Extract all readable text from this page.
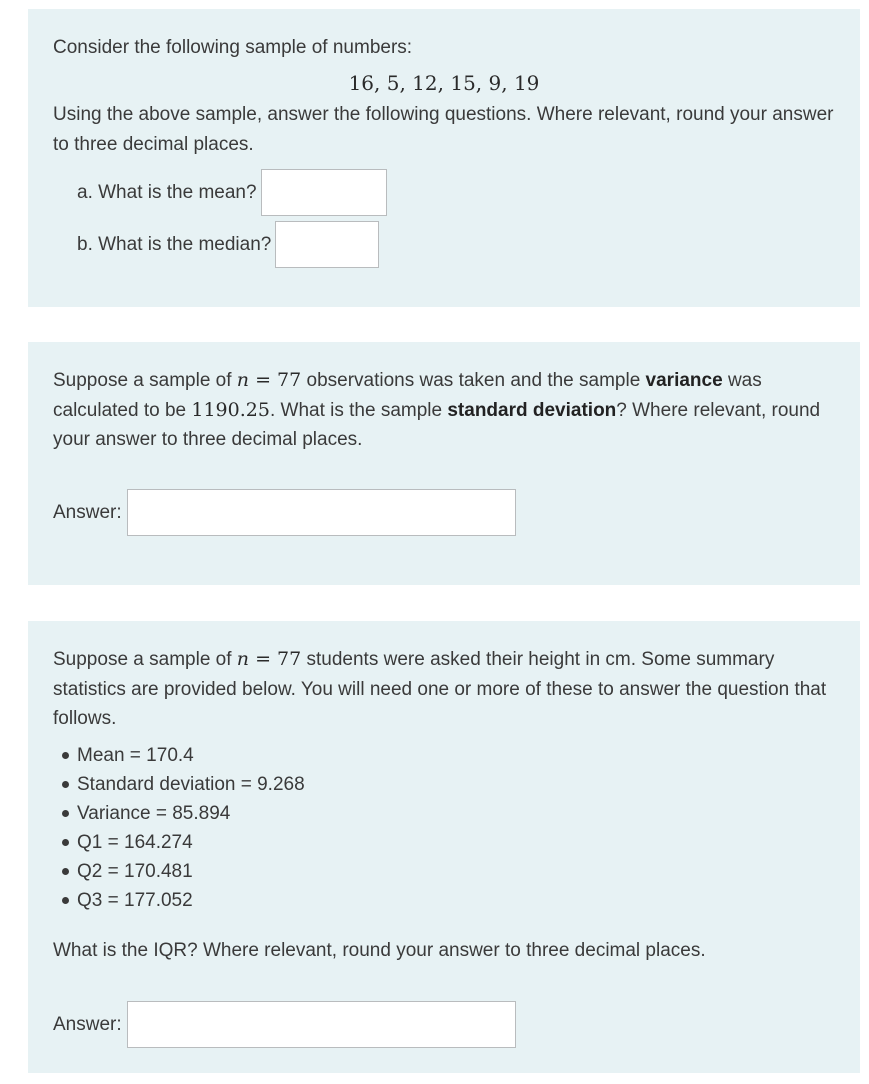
Consider the following sample of numbers:

16, 5, 12, 15, 9, 19

Using the above sample, answer the following questions. Where relevant, round your answer to three decimal places.

a. What is the mean?
b. What is the median?

Suppose a sample of n = 77 observations was taken and the sample variance was calculated to be 1190.25. What is the sample standard deviation? Where relevant, round your answer to three decimal places.

Answer:

Suppose a sample of n = 77 students were asked their height in cm. Some summary statistics are provided below. You will need one or more of these to answer the question that follows.

Mean = 170.4
Standard deviation = 9.268
Variance = 85.894
Q1 = 164.274
Q2 = 170.481
Q3 = 177.052

What is the IQR? Where relevant, round your answer to three decimal places.

Answer:
